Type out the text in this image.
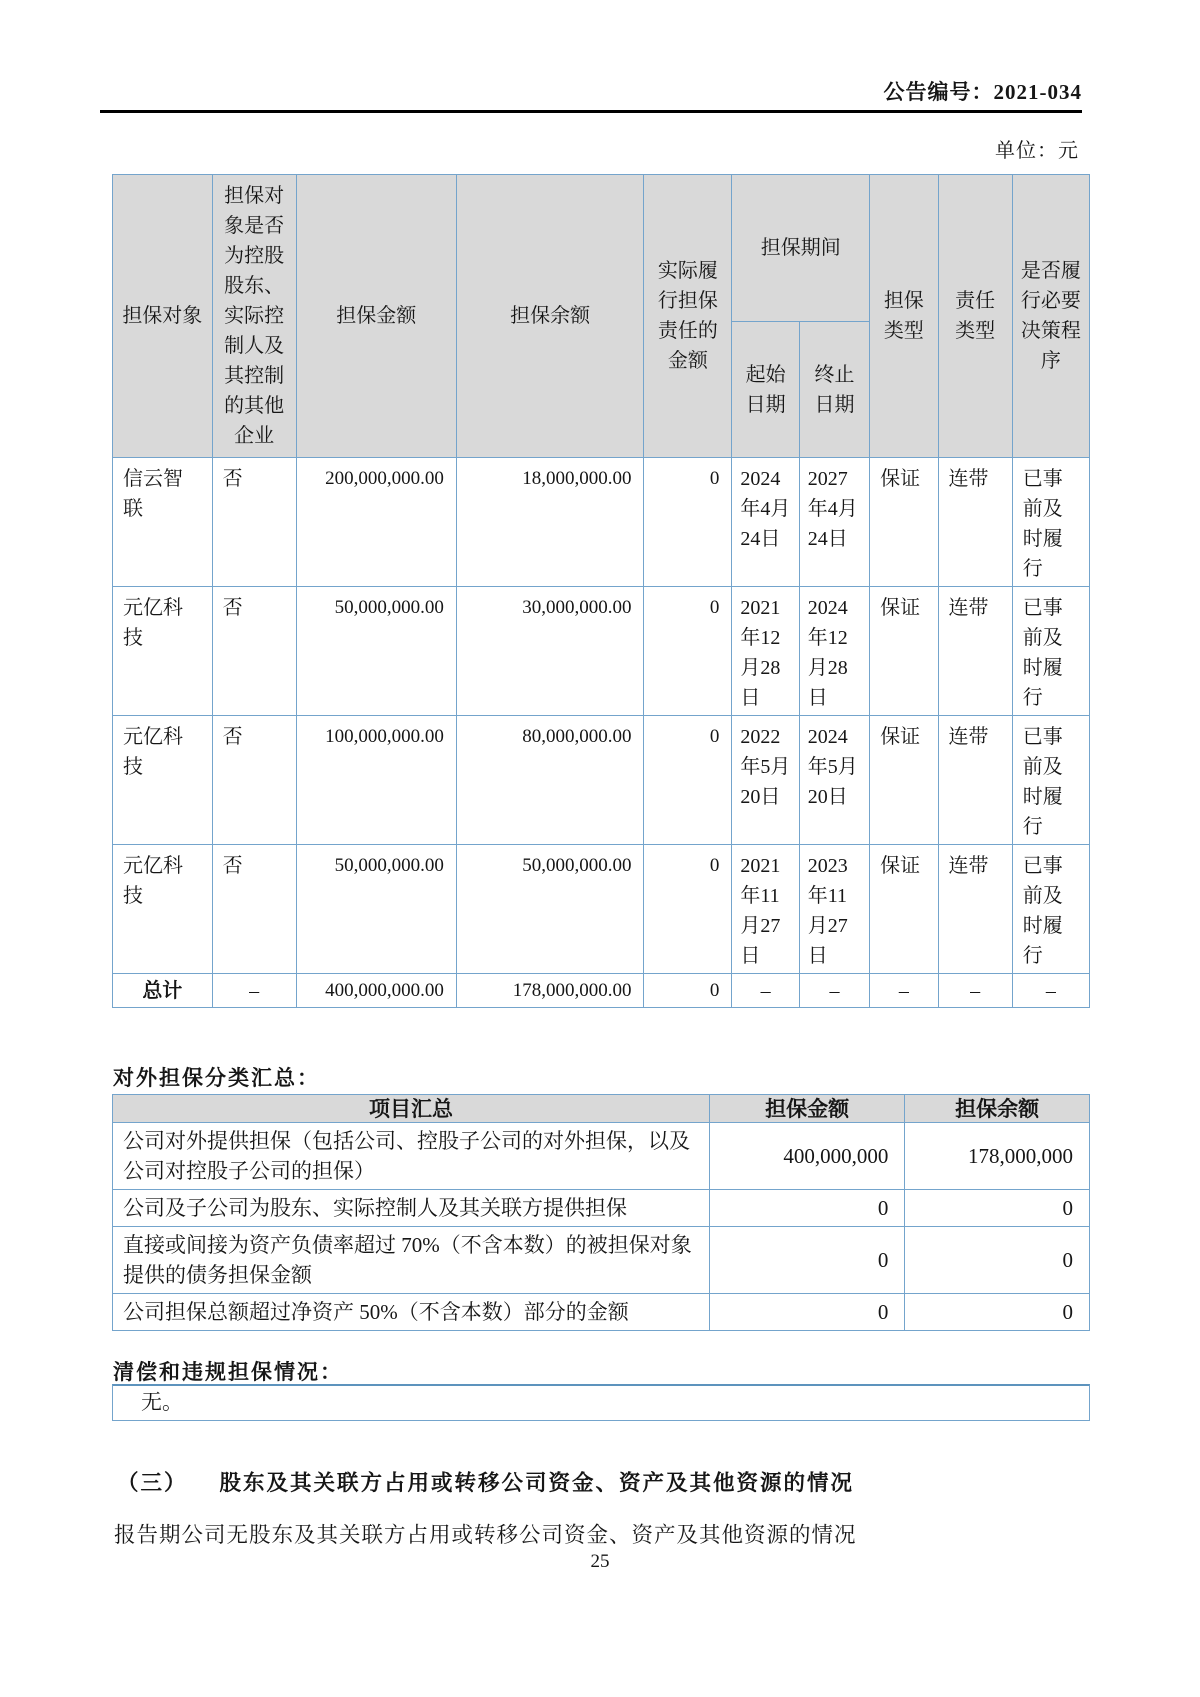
公告编号：2021-034
单位：元
担保对象	担保对象是否为控股股东、实际控制人及其控制的其他企业	担保金额	担保余额	实际履行担保责任的金额	担保期间		担保类型	责任类型	是否履行必要决策程序
					起始日期	终止日期			
信云智联	否	200,000,000.00	18,000,000.00	0	2024年4月24日	2027年4月24日	保证	连带	已事前及时履行
元亿科技	否	50,000,000.00	30,000,000.00	0	2021年12月28日	2024年12月28日	保证	连带	已事前及时履行
元亿科技	否	100,000,000.00	80,000,000.00	0	2022年5月20日	2024年5月20日	保证	连带	已事前及时履行
元亿科技	否	50,000,000.00	50,000,000.00	0	2021年11月27日	2023年11月27日	保证	连带	已事前及时履行
总计	–	400,000,000.00	178,000,000.00	0	–	–	–	–	–
对外担保分类汇总：
项目汇总	担保金额	担保余额
公司对外提供担保（包括公司、控股子公司的对外担保，以及公司对控股子公司的担保）	400,000,000	178,000,000
公司及子公司为股东、实际控制人及其关联方提供担保	0	0
直接或间接为资产负债率超过 70%（不含本数）的被担保对象提供的债务担保金额	0	0
公司担保总额超过净资产 50%（不含本数）部分的金额	0	0
清偿和违规担保情况：
无。
（三） 股东及其关联方占用或转移公司资金、资产及其他资源的情况
报告期公司无股东及其关联方占用或转移公司资金、资产及其他资源的情况
25
